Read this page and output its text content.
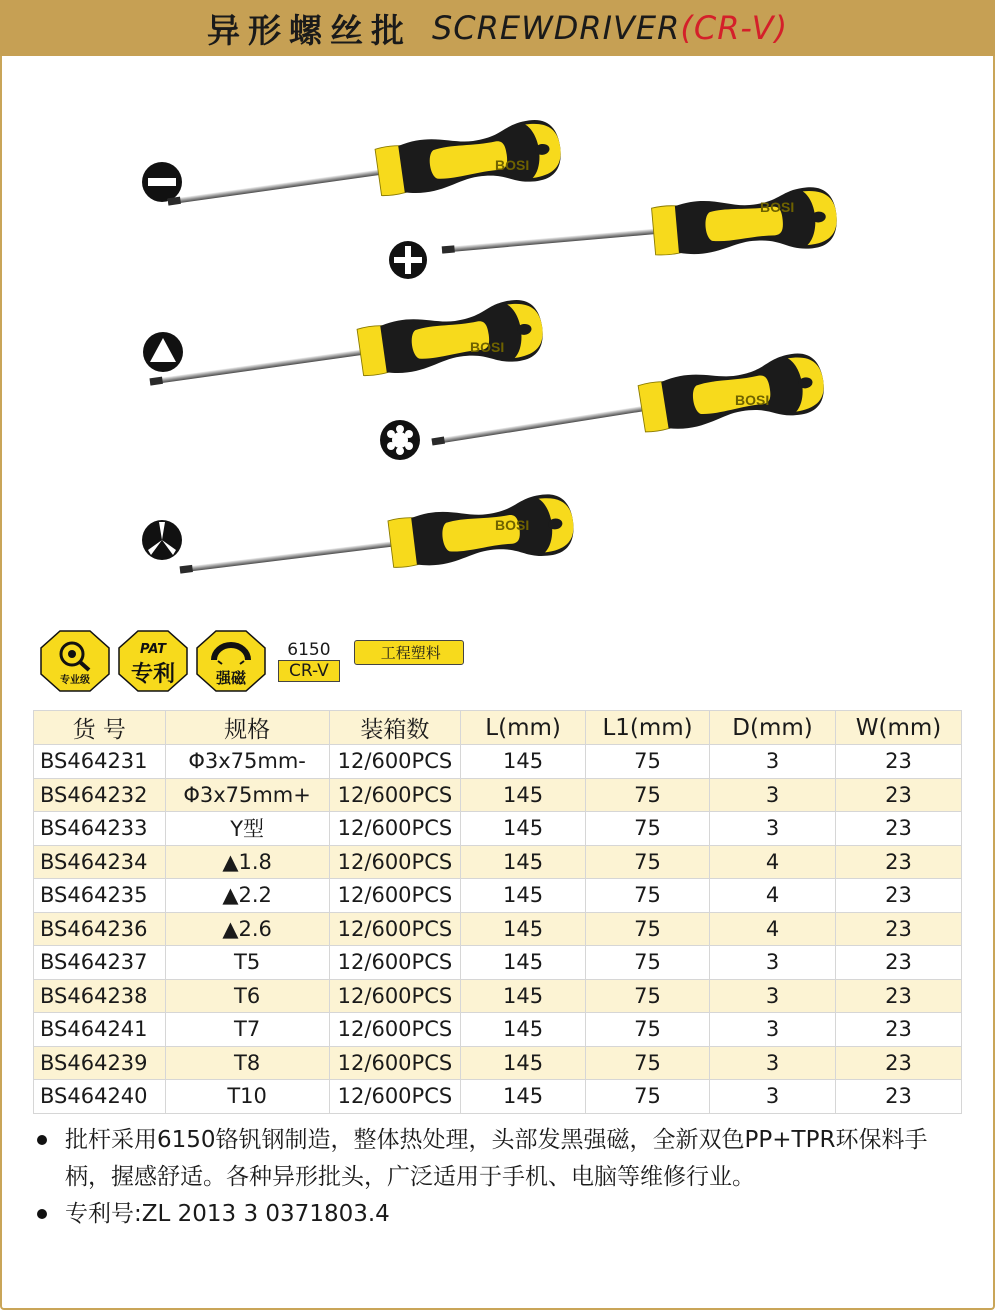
异形螺丝批 SCREWDRIVER(CR-V)
BOSI
BOSI
BOSI
BOSI
BOSI
专业级
PAT
专利	强磁
6150
CR-V
工程塑料
货 号	规格	装箱数	L(mm)	L1(mm)	D(mm)	W(mm)
BS464231	Φ3x75mm-	12/600PCS	145	75	3	23
BS464232	Φ3x75mm+	12/600PCS	145	75	3	23
BS464233	Y型	12/600PCS	145	75	3	23
BS464234	▲1.8	12/600PCS	145	75	4	23
BS464235	▲2.2	12/600PCS	145	75	4	23
BS464236	▲2.6	12/600PCS	145	75	4	23
BS464237	T5	12/600PCS	145	75	3	23
BS464238	T6	12/600PCS	145	75	3	23
BS464241	T7	12/600PCS	145	75	3	23
BS464239	T8	12/600PCS	145	75	3	23
BS464240	T10	12/600PCS	145	75	3	23
批杆采用6150铬钒钢制造，整体热处理，头部发黑强磁，全新双色PP+TPR环保料手柄，握感舒适。各种异形批头，广泛适用于手机、电脑等维修行业。
专利号:ZL 2013 3 0371803.4
